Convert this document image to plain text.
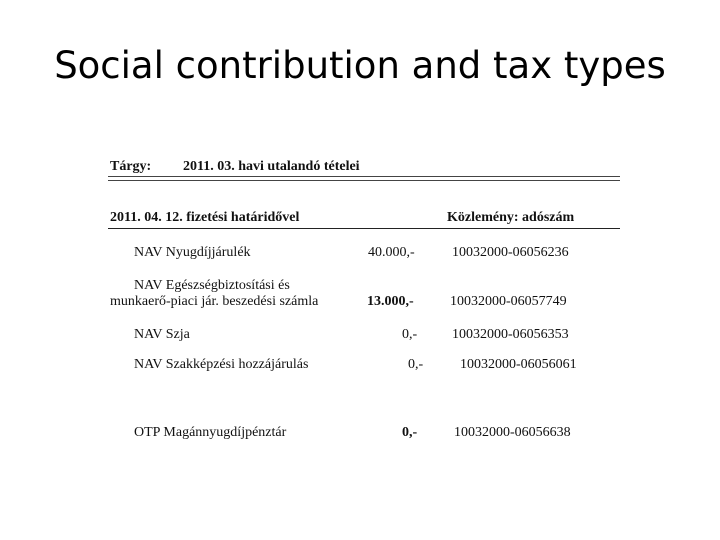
Social contribution and tax types
Tárgy: 2011. 03. havi utalandó tételei
2011. 04. 12. fizetési határidővel	Közlemény: adószám
NAV Nyugdíjjárulék	40.000,-	10032000-06056236
NAV Egészségbiztosítási és
munkaerő-piaci jár. beszedési számla	13.000,-	10032000-06057749
NAV Szja	0,- 10032000-06056353
NAV Szakképzési hozzájárulás	0,-	10032000-06056061
OTP Magánnyugdíjpénztár	0,-	10032000-06056638
